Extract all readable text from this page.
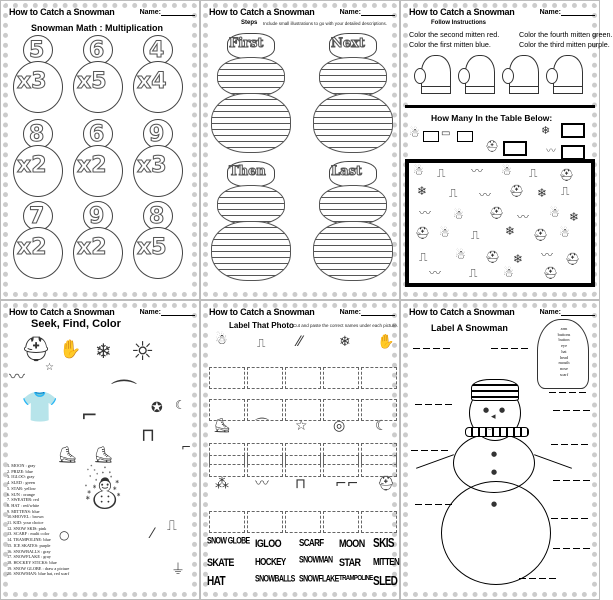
How to Catch a Snowman	Name:
Snowman Math : Multiplication
5
x3
6
x5
4
x4
8
x2
6
x2
9
x3
7
x2
9
x2
8
x5
How to Catch a Snowman	Name:
Steps Include small illustrations to go with your detailed descriptions.
First	Next
Then	Last
How to Catch a Snowman	Name:
Follow Instructions
Color the second mitten red.
Color the first mitten blue.
Color the fourth mitten green.
Color the third mitten purple.
How Many In the Table Below:
☃ ▭
⛑
❄
〰
☃ ⎍ 〰 ☃ ⎍ ⛑
❄ ⎍ 〰 ⛑ ❄ ⎍
〰 ☃ ⛑ 〰 ☃ ❄
⛑ ☃ ⎍ ❄ ⛑ ☃
⎍ ☃ ⛑ ❄ 〰 ⛑
〰 ⎍ ☃ ⛑
How to Catch a Snowman	Name:
Seek, Find, Color
⛑ ✋ ❄ ☼
〰 ☆
⌒
👕 ⌐	✪ ☾
⊓
⛸ ⛸	⌐
☃
○	⁄ ⎍
⏚
1. MOON : gray
2. PRIZE: blue
3. IGLOO: gray
4. SLED : green
5. STAR: yellow
6. SUN : orange
7. SWEATER: red
8. HAT : red/white
9. MITTENS: blue
10.SHOVEL : brown
11. KID: your choice
12. SNOW SKIS: pink
13. SCARF : multi color
14. TRAMPOLINE: blue
15. ICE SKATES: purple
16. SNOWBALLS : gray
17. SNOWFLAKE : gray
18. HOCKEY STICKS: blue
19. SNOW GLOBE : draw a picture
20. SNOWMAN: blue hat, red scarf
How to Catch a Snowman	Name:
Label That Photo Cut and paste the correct names under each picture.
☃ ⎍ ⁄⁄	❄ ✋
⛸ ⌒ ☆ ◎ ☾
⁂ 〰 ⊓ ⌐⌐ ⛑
SNOW GLOBE IGLOO SCARF MOON SKIS
SKATE	HOCKEY SNOWMAN STAR MITTEN
HAT	SNOWBALLS SNOWFLAKE TRAMPOLINE SLED
How to Catch a Snowman	Name:
Label A Snowman	arm
buttons
button
eye
hat
head
mouth
nose
scarf
● ●
◂
◡
●
●
●
